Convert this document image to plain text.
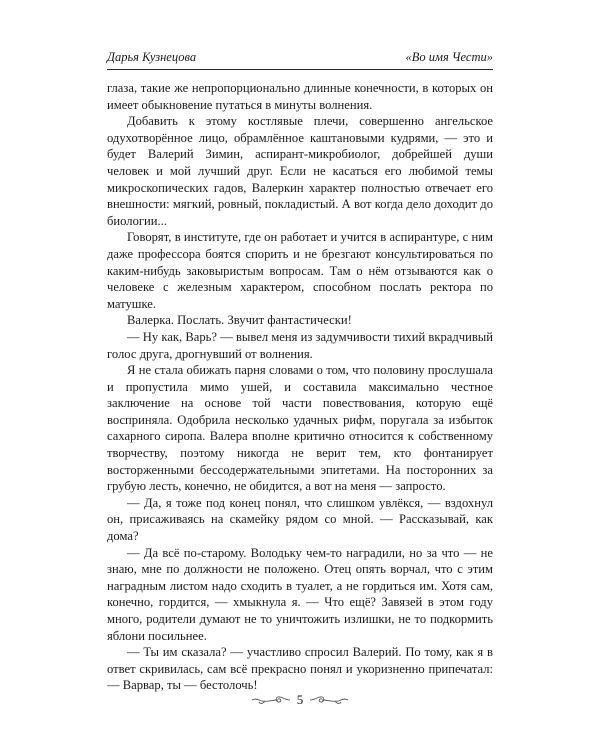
Дарья Кузнецова	«Во имя Чести»

глаза, такие же непропорционально длинные конечности, в которых он имеет обыкновение путаться в минуты волнения.

Добавить к этому костлявые плечи, совершенно ангельское одухотворённое лицо, обрамлённое каштановыми кудрями, — это и будет Валерий Зимин, аспирант-микробиолог, добрейшей души человек и мой лучший друг. Если не касаться его любимой темы микроскопических гадов, Валеркин характер полностью отвечает его внешности: мягкий, ровный, покладистый. А вот когда дело доходит до биологии...

Говорят, в институте, где он работает и учится в аспирантуре, с ним даже профессора боятся спорить и не брезгают консультироваться по каким-нибудь заковыристым вопросам. Там о нём отзываются как о человеке с железным характером, способном послать ректора по матушке.

Валерка. Послать. Звучит фантастически!

— Ну как, Варь? — вывел меня из задумчивости тихий вкрадчивый голос друга, дрогнувший от волнения.

Я не стала обижать парня словами о том, что половину прослушала и пропустила мимо ушей, и составила максимально честное заключение на основе той части повествования, которую ещё восприняла. Одобрила несколько удачных рифм, поругала за избыток сахарного сиропа. Валера вполне критично относится к собственному творчеству, поэтому никогда не верит тем, кто фонтанирует восторженными бессодержательными эпитетами. На посторонних за грубую лесть, конечно, не обидится, а вот на меня — запросто.

— Да, я тоже под конец понял, что слишком увлёкся, — вздохнул он, присаживаясь на скамейку рядом со мной. — Рассказывай, как дома?

— Да всё по-старому. Володьку чем-то наградили, но за что — не знаю, мне по должности не положено. Отец опять ворчал, что с этим наградным листом надо сходить в туалет, а не гордиться им. Хотя сам, конечно, гордится, — хмыкнула я. — Что ещё? Завязей в этом году много, родители думают не то уничтожить излишки, не то подкормить яблони посильнее.

— Ты им сказала? — участливо спросил Валерий. По тому, как я в ответ скривилась, сам всё прекрасно понял и укоризненно припечатал: — Варвар, ты — бестолочь!

5
